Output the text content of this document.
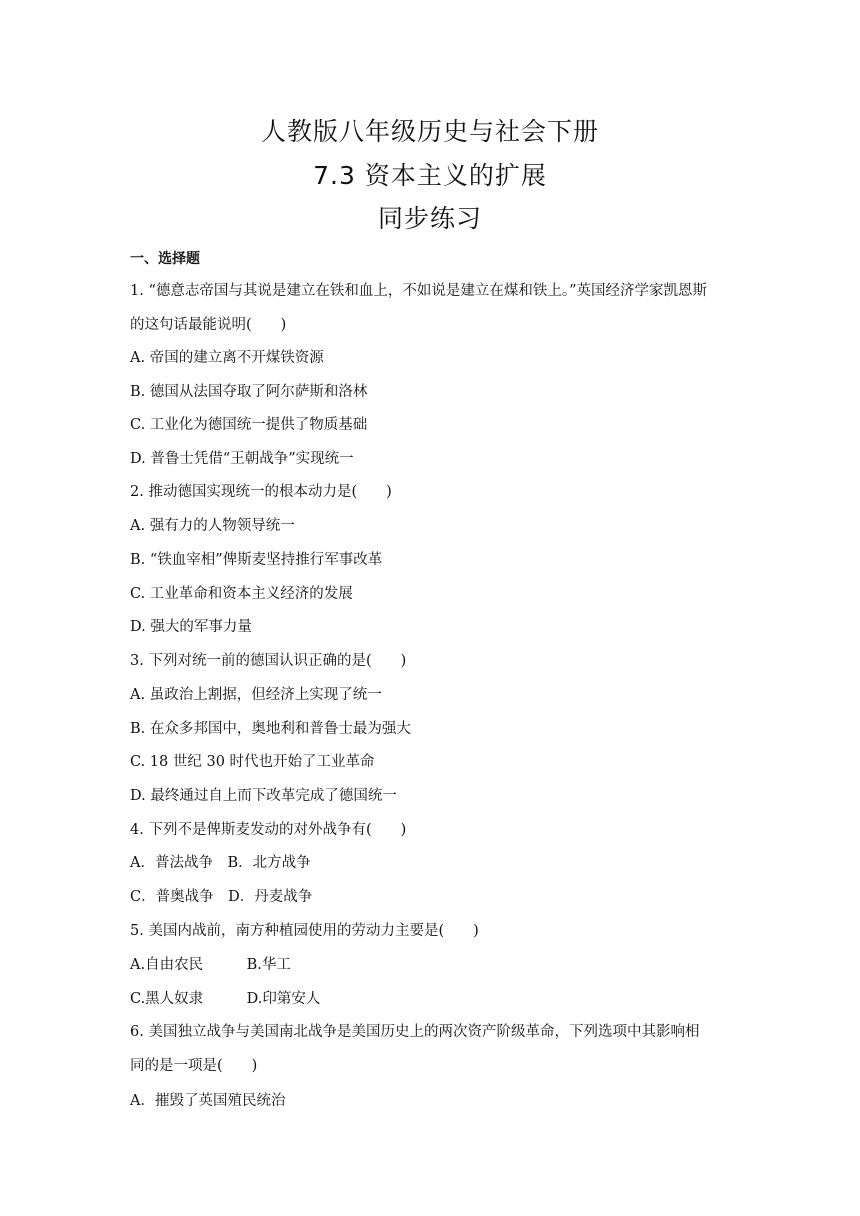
人教版八年级历史与社会下册
7.3 资本主义的扩展
同步练习
一、选择题
1. “德意志帝国与其说是建立在铁和血上，不如说是建立在煤和铁上。”英国经济学家凯恩斯
的这句话最能说明(　　)
A. 帝国的建立离不开煤铁资源
B. 德国从法国夺取了阿尔萨斯和洛林
C. 工业化为德国统一提供了物质基础
D. 普鲁士凭借“王朝战争”实现统一
2. 推动德国实现统一的根本动力是(　　)
A. 强有力的人物领导统一
B. “铁血宰相”俾斯麦坚持推行军事改革
C. 工业革命和资本主义经济的发展
D. 强大的军事力量
3. 下列对统一前的德国认识正确的是(　　)
A. 虽政治上割据，但经济上实现了统一
B. 在众多邦国中，奥地利和普鲁士最为强大
C. 18 世纪 30 时代也开始了工业革命
D. 最终通过自上而下改革完成了德国统一
4. 下列不是俾斯麦发动的对外战争有(　　)
A．普法战争　B．北方战争
C．普奥战争　D．丹麦战争
5. 美国内战前，南方种植园使用的劳动力主要是(　　)
A.自由农民　　　B.华工
C.黑人奴隶　　　D.印第安人
6. 美国独立战争与美国南北战争是美国历史上的两次资产阶级革命，下列选项中其影响相
同的是一项是(　　)
A．摧毁了英国殖民统治
